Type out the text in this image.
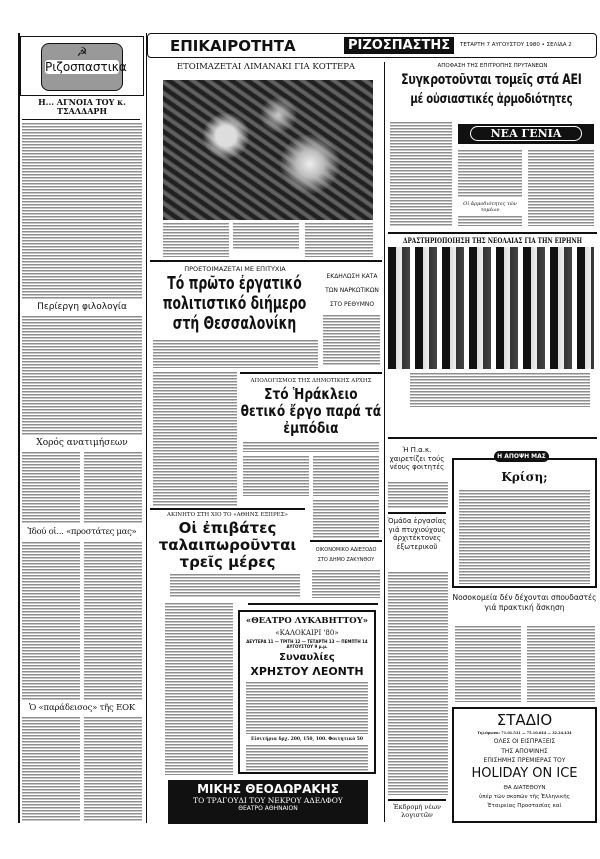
ΕΠΙΚΑΙΡΟΤΗΤΑ	ΡΙΖΟΣΠΑΣΤΗΣ	ΤΕΤΑΡΤΗ 7 ΑΥΓΟΥΣΤΟΥ 1980 • ΣΕΛΙΔΑ 2
☭
Ριζοσπαστικα
Η... ΑΓΝΟΙΑ ΤΟΥ κ. ΤΣΑΛΔΑΡΗ
Περίεργη φιλολογία
Χορός ανατιμήσεων
Ἰδού οἱ... «προστάτες μας»
Ὁ «παράδεισος» τῆς ΕΟΚ
ΕΤΟΙΜΑΖΕΤΑΙ ΛΙΜΑΝΑΚΙ ΓΙΑ ΚΟΤΤΕΡΑ
ΠΡΟΕΤΟΙΜΑΖΕΤΑΙ ΜΕ ΕΠΙΤΥΧΙΑ
Τό πρῶτο ἐργατικό πολιτιστικό διήμερο στή Θεσσαλονίκη
ΕΚΔΗΛΩΣΗ ΚΑΤΑ
ΤΩΝ ΝΑΡΚΩΤΙΚΩΝ
ΣΤΟ ΡΕΘΥΜΝΟ
ΑΠΟΛΟΓΙΣΜΟΣ ΤΗΣ ΔΗΜΟΤΙΚΗΣ ΑΡΧΗΣ
Στό Ἡράκλειο θετικό ἔργο παρά τά ἐμπόδια
ΑΚΙΝΗΤΟ ΣΤΗ ΧΙΟ ΤΟ «ΑΘΗΝΣ ΕΞΠΡΕΣ»
Οἱ ἐπιβάτες ταλαιπωροῦνται τρεῖς μέρες
ΟΙΚΟΝΟΜΙΚΟ ΑΔΙΕΞΟΔΟ
ΣΤΟ ΔΗΜΟ ΖΑΚΥΝΘΟΥ
«ΘΕΑΤΡΟ ΛΥΚΑΒΗΤΤΟΥ»
«ΚΑΛΟΚΑΙΡΙ '80»
ΔΕΥΤΕΡΑ 11 — ΤΡΙΤΗ 12 — ΤΕΤΑΡΤΗ 13 — ΠΕΜΠΤΗ 14 ΑΥΓΟΥΣΤΟΥ 9 μ.μ.
Συναυλίες
ΧΡΗΣΤΟΥ ΛΕΟΝΤΗ
Εἰσιτήρια δρχ. 200, 150, 100. Φοιτητικό 50
ΜΙΚΗΣ ΘΕΟΔΩΡΑΚΗΣ
ΤΟ ΤΡΑΓΟΥΔΙ ΤΟΥ ΝΕΚΡΟΥ ΑΔΕΛΦΟΥ
ΘΕΑΤΡΟ ΑΘΗΝΑΙΟΝ
ΑΠΟΦΑΣΗ ΤΗΣ ΕΠΙΤΡΟΠΗΣ ΠΡΥΤΑΝΕΩΝ
Συγκροτοῦνται τομεῖς στά ΑΕΙ
μέ οὐσιαστικές ἁρμοδιότητες
ΝΕΑ ΓΕΝΙΑ
Οἱ ἁρμοδιότητες τῶν τομέων
ΔΡΑΣΤΗΡΙΟΠΟΙΗΣΗ ΤΗΣ ΝΕΟΛΑΙΑΣ ΓΙΑ ΤΗΝ ΕΙΡΗΝΗ
Ἡ Π.α.κ. χαιρετίζει τούς νέους φοιτητές
Ὁμάδα ἐργασίας γιά πτυχιούχους ἀρχιτέκτονες ἐξωτερικοῦ
Ἐκδρομή νέων λογιστῶν
Η ΑΠΟΨΗ ΜΑΣ
Κρίση;
Νοσοκομεία δέν δέχονται σπουδαστές γιά πρακτική ἄσκηση
ΣΤΑΔΙΟ
Τηλέφωνα: 71.01.531 — 75.10.644 — 32.24.434
ΟΛΕΣ ΟΙ ΕΙΣΠΡΑΞΕΙΣ
ΤΗΣ ΑΠΟΨΙΝΗΣ
ΕΠΙΣΗΜΗΣ ΠΡΕΜΙΕΡΑΣ ΤΟΥ
HOLIDAY ON ICE
ΘΑ ΔΙΑΤΕΘΟΥΝ
ὑπέρ τῶν σκοπῶν τῆς Ἑλληνικῆς
Ἑταιρείας Προστασίας καί
